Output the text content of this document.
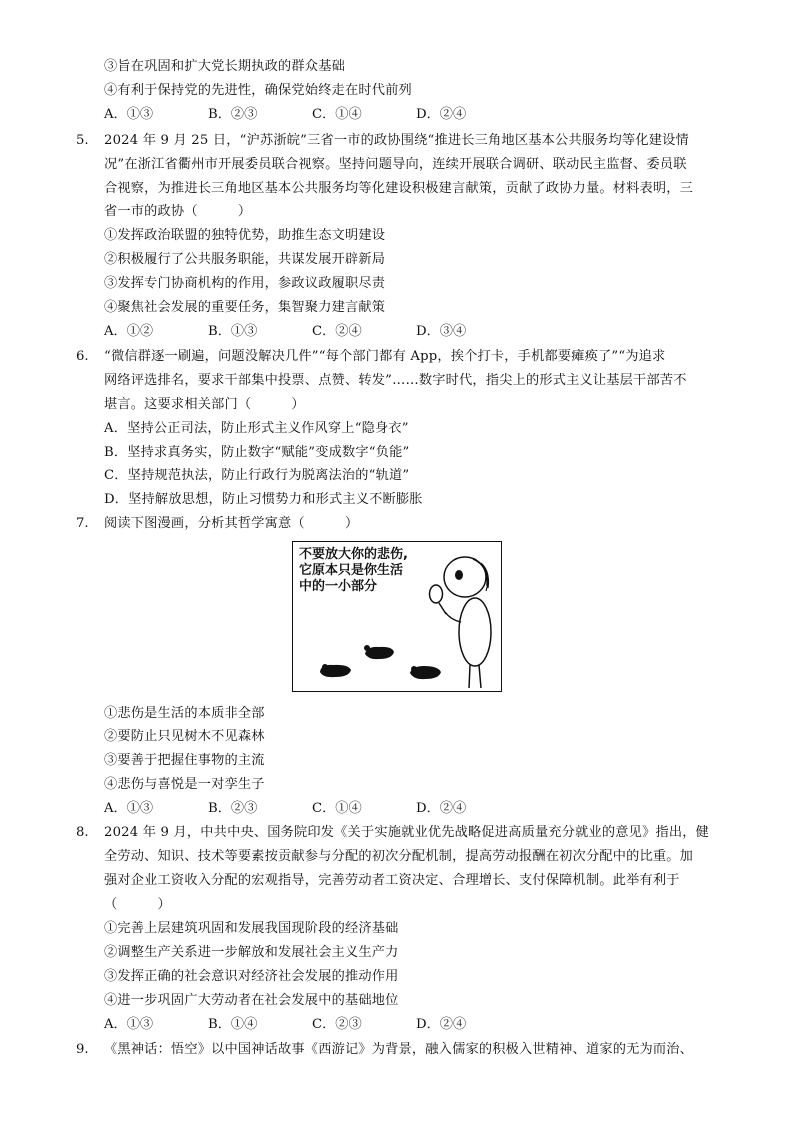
③旨在巩固和扩大党长期执政的群众基础
④有利于保持党的先进性，确保党始终走在时代前列
A．①③	B．②③	C．①④	D．②④
5. 2024 年 9 月 25 日，“沪苏浙皖”三省一市的政协围绕“推进长三角地区基本公共服务均等化建设情
况”在浙江省衢州市开展委员联合视察。坚持问题导向，连续开展联合调研、联动民主监督、委员联
合视察，为推进长三角地区基本公共服务均等化建设积极建言献策，贡献了政协力量。材料表明，三
省一市的政协（　　　）
①发挥政治联盟的独特优势，助推生态文明建设
②积极履行了公共服务职能，共谋发展开辟新局
③发挥专门协商机构的作用，参政议政履职尽责
④聚焦社会发展的重要任务，集智聚力建言献策
A．①②	B．①③	C．②④	D．③④
6. “微信群逐一刷遍，问题没解决几件”“每个部门都有 App，挨个打卡，手机都要瘫痪了”“为追求
网络评选排名，要求干部集中投票、点赞、转发”……数字时代，指尖上的形式主义让基层干部苦不
堪言。这要求相关部门（　　　）
A．坚持公正司法，防止形式主义作风穿上“隐身衣”
B．坚持求真务实，防止数字“赋能”变成数字“负能”
C．坚持规范执法，防止行政行为脱离法治的“轨道”
D．坚持解放思想，防止习惯势力和形式主义不断膨胀
7. 阅读下图漫画，分析其哲学寓意（　　　）
不要放大你的悲伤,
它原本只是你生活
中的一小部分
①悲伤是生活的本质非全部
②要防止只见树木不见森林
③要善于把握住事物的主流
④悲伤与喜悦是一对孪生子
A．①③	B．②③	C．①④	D．②④
8. 2024 年 9 月，中共中央、国务院印发《关于实施就业优先战略促进高质量充分就业的意见》指出，健
全劳动、知识、技术等要素按贡献参与分配的初次分配机制，提高劳动报酬在初次分配中的比重。加
强对企业工资收入分配的宏观指导，完善劳动者工资决定、合理增长、支付保障机制。此举有利于
（　　　）
①完善上层建筑巩固和发展我国现阶段的经济基础
②调整生产关系进一步解放和发展社会主义生产力
③发挥正确的社会意识对经济社会发展的推动作用
④进一步巩固广大劳动者在社会发展中的基础地位
A．①③	B．①④	C．②③	D．②④
9. 《黑神话：悟空》以中国神话故事《西游记》为背景，融入儒家的积极入世精神、道家的无为而治、
